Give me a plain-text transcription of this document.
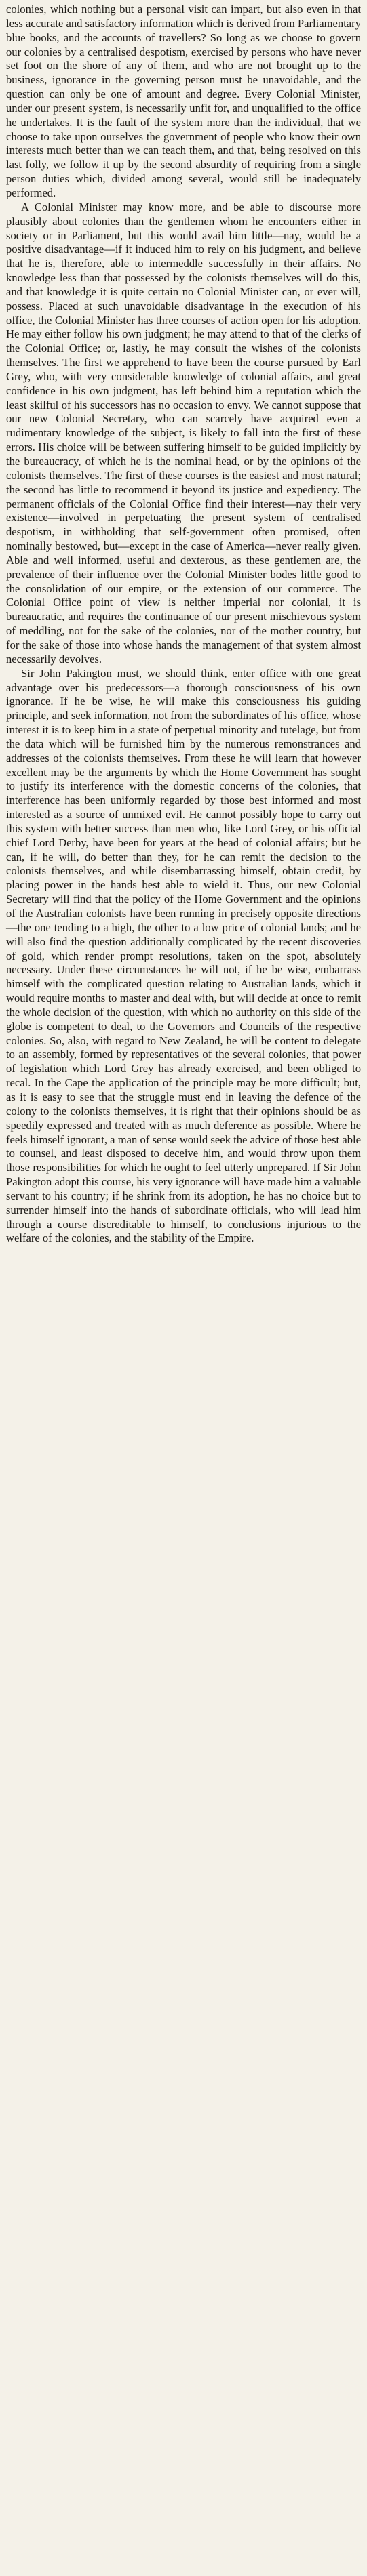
colonies, which nothing but a personal visit can impart, but also even in that less accurate and satisfactory information which is derived from Parliamentary blue books, and the accounts of travellers? So long as we choose to govern our colonies by a centralised despotism, exercised by persons who have never set foot on the shore of any of them, and who are not brought up to the business, ignorance in the governing person must be unavoidable, and the question can only be one of amount and degree. Every Colonial Minister, under our present system, is necessarily unfit for, and unqualified to the office he undertakes. It is the fault of the system more than the individual, that we choose to take upon ourselves the government of people who know their own interests much better than we can teach them, and that, being resolved on this last folly, we follow it up by the second absurdity of requiring from a single person duties which, divided among several, would still be inadequately performed.

A Colonial Minister may know more, and be able to discourse more plausibly about colonies than the gentlemen whom he encounters either in society or in Parliament, but this would avail him little—nay, would be a positive disadvantage—if it induced him to rely on his judgment, and believe that he is, therefore, able to intermeddle successfully in their affairs. No knowledge less than that possessed by the colonists themselves will do this, and that knowledge it is quite certain no Colonial Minister can, or ever will, possess. Placed at such unavoidable disadvantage in the execution of his office, the Colonial Minister has three courses of action open for his adoption. He may either follow his own judgment; he may attend to that of the clerks of the Colonial Office; or, lastly, he may consult the wishes of the colonists themselves. The first we apprehend to have been the course pursued by Earl Grey, who, with very considerable knowledge of colonial affairs, and great confidence in his own judgment, has left behind him a reputation which the least skilful of his successors has no occasion to envy. We cannot suppose that our new Colonial Secretary, who can scarcely have acquired even a rudimentary knowledge of the subject, is likely to fall into the first of these errors. His choice will be between suffering himself to be guided implicitly by the bureaucracy, of which he is the nominal head, or by the opinions of the colonists themselves. The first of these courses is the easiest and most natural; the second has little to recommend it beyond its justice and expediency. The permanent officials of the Colonial Office find their interest—nay their very existence—involved in perpetuating the present system of centralised despotism, in withholding that self-government often promised, often nominally bestowed, but—except in the case of America—never really given. Able and well informed, useful and dexterous, as these gentlemen are, the prevalence of their influence over the Colonial Minister bodes little good to the consolidation of our empire, or the extension of our commerce. The Colonial Office point of view is neither imperial nor colonial, it is bureaucratic, and requires the continuance of our present mischievous system of meddling, not for the sake of the colonies, nor of the mother country, but for the sake of those into whose hands the management of that system almost necessarily devolves.

Sir John Pakington must, we should think, enter office with one great advantage over his predecessors—a thorough consciousness of his own ignorance. If he be wise, he will make this consciousness his guiding principle, and seek information, not from the subordinates of his office, whose interest it is to keep him in a state of perpetual minority and tutelage, but from the data which will be furnished him by the numerous remonstrances and addresses of the colonists themselves. From these he will learn that however excellent may be the arguments by which the Home Government has sought to justify its interference with the domestic concerns of the colonies, that interference has been uniformly regarded by those best informed and most interested as a source of unmixed evil. He cannot possibly hope to carry out this system with better success than men who, like Lord Grey, or his official chief Lord Derby, have been for years at the head of colonial affairs; but he can, if he will, do better than they, for he can remit the decision to the colonists themselves, and while disembarrassing himself, obtain credit, by placing power in the hands best able to wield it. Thus, our new Colonial Secretary will find that the policy of the Home Government and the opinions of the Australian colonists have been running in precisely opposite directions—the one tending to a high, the other to a low price of colonial lands; and he will also find the question additionally complicated by the recent discoveries of gold, which render prompt resolutions, taken on the spot, absolutely necessary. Under these circumstances he will not, if he be wise, embarrass himself with the complicated question relating to Australian lands, which it would require months to master and deal with, but will decide at once to remit the whole decision of the question, with which no authority on this side of the globe is competent to deal, to the Governors and Councils of the respective colonies. So, also, with regard to New Zealand, he will be content to delegate to an assembly, formed by representatives of the several colonies, that power of legislation which Lord Grey has already exercised, and been obliged to recal. In the Cape the application of the principle may be more difficult; but, as it is easy to see that the struggle must end in leaving the defence of the colony to the colonists themselves, it is right that their opinions should be as speedily expressed and treated with as much deference as possible. Where he feels himself ignorant, a man of sense would seek the advice of those best able to counsel, and least disposed to deceive him, and would throw upon them those responsibilities for which he ought to feel utterly unprepared. If Sir John Pakington adopt this course, his very ignorance will have made him a valuable servant to his country; if he shrink from its adoption, he has no choice but to surrender himself into the hands of subordinate officials, who will lead him through a course discreditable to himself, to conclusions injurious to the welfare of the colonies, and the stability of the Empire.
